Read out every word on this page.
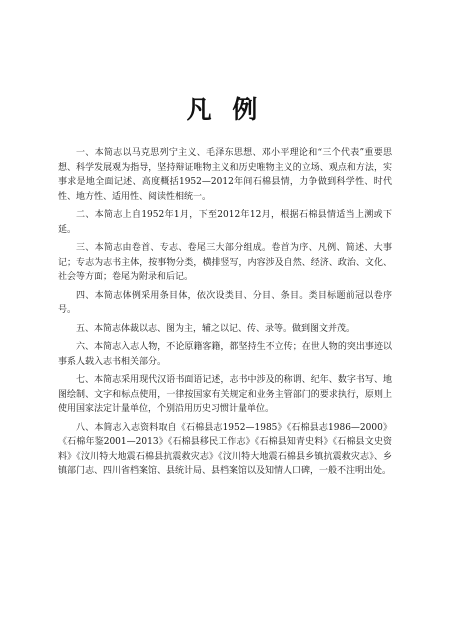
凡 例

一、本简志以马克思列宁主义、毛泽东思想、邓小平理论和“三个代表”重要思想、科学发展观为指导，坚持辩证唯物主义和历史唯物主义的立场、观点和方法，实事求是地全面记述、高度概括1952—2012年间石棉县情，力争做到科学性、时代性、地方性、适用性、阅读性相统一。

二、本简志上自1952年1月，下至2012年12月，根据石棉县情适当上溯或下延。

三、本简志由卷首、专志、卷尾三大部分组成。卷首为序、凡例、简述、大事记；专志为志书主体，按事物分类，横排竖写，内容涉及自然、经济、政治、文化、社会等方面；卷尾为附录和后记。

四、本简志体例采用条目体，依次设类目、分目、条目。类目标题前冠以卷序号。

五、本简志体裁以志、图为主，辅之以记、传、录等。做到图文并茂。

六、本简志入志人物，不论原籍客籍，都坚持生不立传；在世人物的突出事迹以事系人载入志书相关部分。

七、本简志采用现代汉语书面语记述，志书中涉及的称谓、纪年、数字书写、地图绘制、文字和标点使用，一律按国家有关规定和业务主管部门的要求执行，原则上使用国家法定计量单位，个别沿用历史习惯计量单位。

八、本简志入志资料取自《石棉县志1952—1985》《石棉县志1986—2000》《石棉年鉴2001—2013》《石棉县移民工作志》《石棉县知青史料》《石棉县文史资料》《汶川特大地震石棉县抗震救灾志》《汶川特大地震石棉县乡镇抗震救灾志》、乡镇部门志、四川省档案馆、县统计局、县档案馆以及知情人口碑，一般不注明出处。
